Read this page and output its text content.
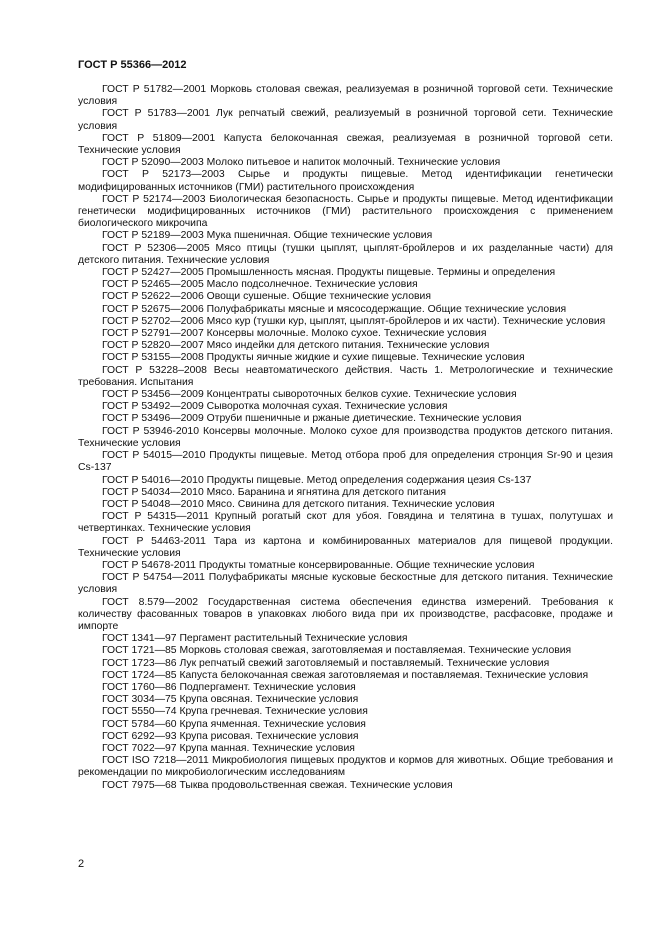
ГОСТ Р 55366—2012
ГОСТ Р 51782—2001 Морковь столовая свежая, реализуемая в розничной торговой сети. Технические условия
ГОСТ Р 51783—2001 Лук репчатый свежий, реализуемый в розничной торговой сети. Технические условия
ГОСТ Р 51809—2001 Капуста белокочанная свежая, реализуемая в розничной торговой сети. Технические условия
ГОСТ Р 52090—2003 Молоко питьевое и напиток молочный. Технические условия
ГОСТ Р 52173—2003 Сырье и продукты пищевые. Метод идентификации генетически модифицированных источников (ГМИ) растительного происхождения
ГОСТ Р 52174—2003 Биологическая безопасность. Сырье и продукты пищевые. Метод идентификации генетически модифицированных источников (ГМИ) растительного происхождения с применением биологического микрочипа
ГОСТ Р 52189—2003 Мука пшеничная. Общие технические условия
ГОСТ Р 52306—2005 Мясо птицы (тушки цыплят, цыплят-бройлеров и их разделанные части) для детского питания. Технические условия
ГОСТ Р 52427—2005 Промышленность мясная. Продукты пищевые. Термины и определения
ГОСТ Р 52465—2005 Масло подсолнечное. Технические условия
ГОСТ Р 52622—2006 Овощи сушеные. Общие технические условия
ГОСТ Р 52675—2006 Полуфабрикаты мясные и мясосодержащие. Общие технические условия
ГОСТ Р 52702—2006 Мясо кур (тушки кур, цыплят, цыплят-бройлеров и их части). Технические условия
ГОСТ Р 52791—2007 Консервы молочные. Молоко сухое. Технические условия
ГОСТ Р 52820—2007 Мясо индейки для детского питания. Технические условия
ГОСТ Р 53155—2008 Продукты яичные жидкие и сухие пищевые. Технические условия
ГОСТ Р 53228–2008 Весы неавтоматического действия. Часть 1. Метрологические и технические требования. Испытания
ГОСТ Р 53456—2009 Концентраты сывороточных белков сухие. Технические условия
ГОСТ Р 53492—2009 Сыворотка молочная сухая. Технические условия
ГОСТ Р 53496—2009 Отруби пшеничные и ржаные диетические. Технические условия
ГОСТ Р 53946-2010 Консервы молочные. Молоко сухое для производства продуктов детского питания. Технические условия
ГОСТ Р 54015—2010 Продукты пищевые. Метод отбора проб для определения стронция Sr-90 и цезия Cs-137
ГОСТ Р 54016—2010 Продукты пищевые. Метод определения содержания цезия Cs-137
ГОСТ Р 54034—2010 Мясо. Баранина и ягнятина для детского питания
ГОСТ Р 54048—2010 Мясо. Свинина для детского питания. Технические условия
ГОСТ Р 54315—2011 Крупный рогатый скот для убоя. Говядина и телятина в тушах, полутушах и четвертинках. Технические условия
ГОСТ Р 54463-2011 Тара из картона и комбинированных материалов для пищевой продукции. Технические условия
ГОСТ Р 54678-2011 Продукты томатные консервированные. Общие технические условия
ГОСТ Р 54754—2011 Полуфабрикаты мясные кусковые бескостные для детского питания. Технические условия
ГОСТ 8.579—2002 Государственная система обеспечения единства измерений. Требования к количеству фасованных товаров в упаковках любого вида при их производстве, расфасовке, продаже и импорте
ГОСТ 1341—97 Пергамент растительный Технические условия
ГОСТ 1721—85 Морковь столовая свежая, заготовляемая и поставляемая. Технические условия
ГОСТ 1723—86 Лук репчатый свежий заготовляемый и поставляемый. Технические условия
ГОСТ 1724—85 Капуста белокочанная свежая заготовляемая и поставляемая. Технические условия
ГОСТ 1760—86 Подпергамент. Технические условия
ГОСТ 3034—75 Крупа овсяная. Технические условия
ГОСТ 5550—74 Крупа гречневая. Технические условия
ГОСТ 5784—60 Крупа ячменная. Технические условия
ГОСТ 6292—93 Крупа рисовая. Технические условия
ГОСТ 7022—97 Крупа манная. Технические условия
ГОСТ ISO 7218—2011 Микробиология пищевых продуктов и кормов для животных. Общие требования и рекомендации по микробиологическим исследованиям
ГОСТ 7975—68 Тыква продовольственная свежая. Технические условия
2
